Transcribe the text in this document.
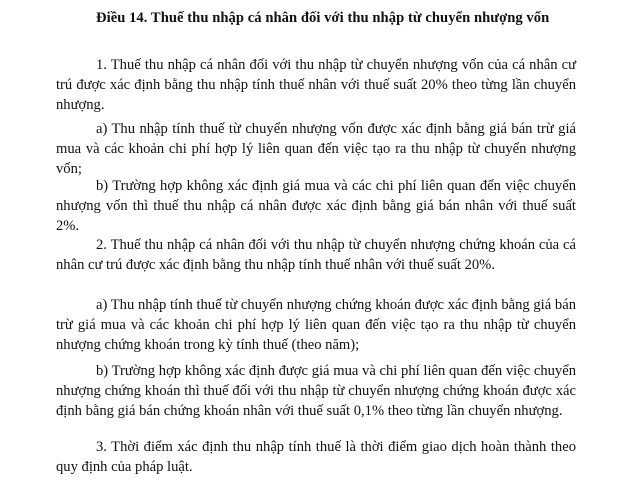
Điều 14. Thuế thu nhập cá nhân đối với thu nhập từ chuyển nhượng vốn

1. Thuế thu nhập cá nhân đối với thu nhập từ chuyển nhượng vốn của cá nhân cư trú được xác định bằng thu nhập tính thuế nhân với thuế suất 20% theo từng lần chuyển nhượng.

a) Thu nhập tính thuế từ chuyển nhượng vốn được xác định bằng giá bán trừ giá mua và các khoản chi phí hợp lý liên quan đến việc tạo ra thu nhập từ chuyển nhượng vốn;

b) Trường hợp không xác định giá mua và các chi phí liên quan đến việc chuyển nhượng vốn thì thuế thu nhập cá nhân được xác định bằng giá bán nhân với thuế suất 2%.

2. Thuế thu nhập cá nhân đối với thu nhập từ chuyển nhượng chứng khoán của cá nhân cư trú được xác định bằng thu nhập tính thuế nhân với thuế suất 20%.

a) Thu nhập tính thuế từ chuyển nhượng chứng khoán được xác định bằng giá bán trừ giá mua và các khoản chi phí hợp lý liên quan đến việc tạo ra thu nhập từ chuyển nhượng chứng khoán trong kỳ tính thuế (theo năm);

b) Trường hợp không xác định được giá mua và chi phí liên quan đến việc chuyển nhượng chứng khoán thì thuế đối với thu nhập từ chuyển nhượng chứng khoán được xác định bằng giá bán chứng khoán nhân với thuế suất 0,1% theo từng lần chuyển nhượng.

3. Thời điểm xác định thu nhập tính thuế là thời điểm giao dịch hoàn thành theo quy định của pháp luật.
